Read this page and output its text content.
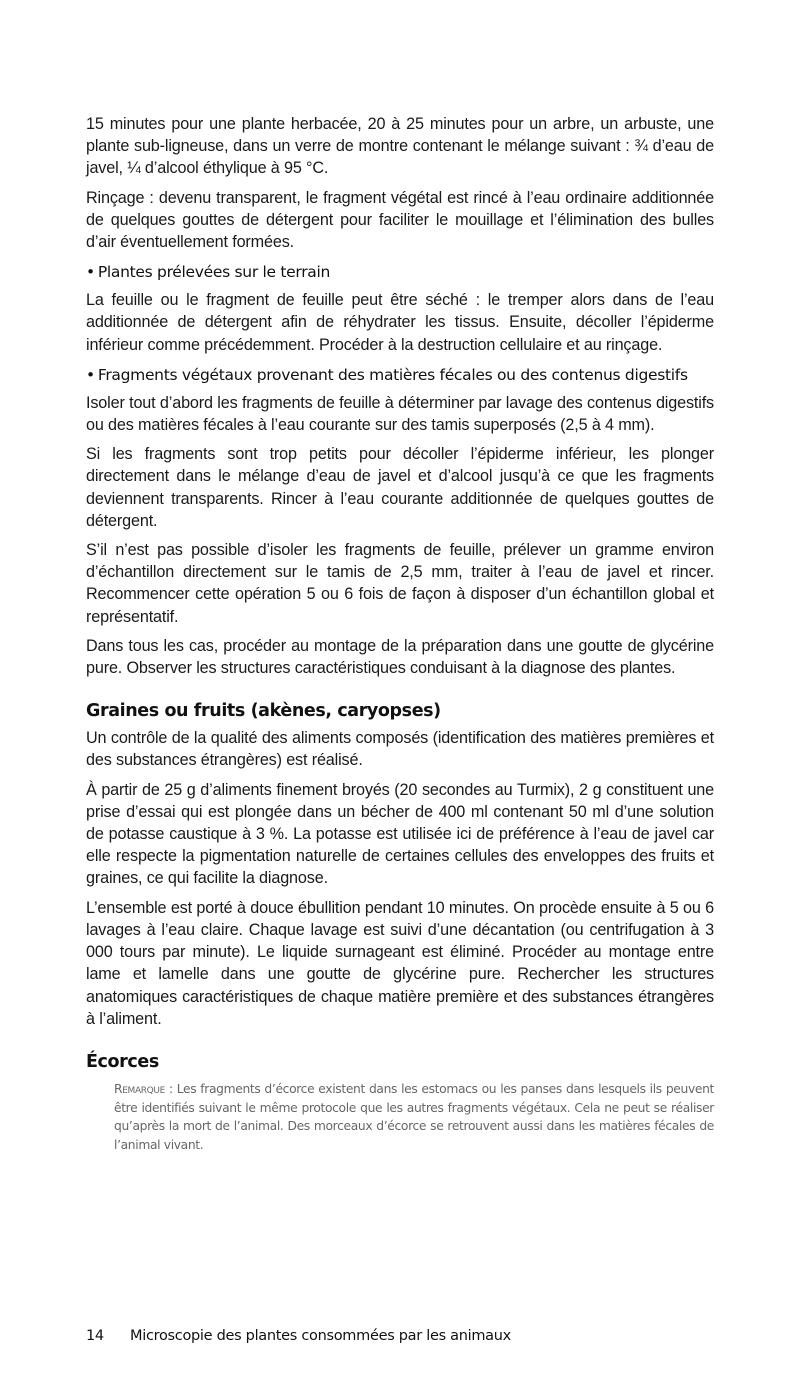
15 minutes pour une plante herbacée, 20 à 25 minutes pour un arbre, un arbuste, une plante sub-ligneuse, dans un verre de montre contenant le mélange suivant : ¾ d’eau de javel, ¼ d’alcool éthylique à 95 °C.

Rinçage : devenu transparent, le fragment végétal est rincé à l’eau ordinaire additionnée de quelques gouttes de détergent pour faciliter le mouillage et l’élimination des bulles d’air éventuellement formées.

• Plantes prélevées sur le terrain

La feuille ou le fragment de feuille peut être séché : le tremper alors dans de l’eau additionnée de détergent afin de réhydrater les tissus. Ensuite, décoller l’épiderme inférieur comme précédemment. Procéder à la destruction cellulaire et au rinçage.

• Fragments végétaux provenant des matières fécales ou des contenus digestifs

Isoler tout d’abord les fragments de feuille à déterminer par lavage des contenus digestifs ou des matières fécales à l’eau courante sur des tamis superposés (2,5 à 4 mm).

Si les fragments sont trop petits pour décoller l’épiderme inférieur, les plonger directement dans le mélange d’eau de javel et d’alcool jusqu’à ce que les fragments deviennent transparents. Rincer à l’eau courante additionnée de quelques gouttes de détergent.

S’il n’est pas possible d’isoler les fragments de feuille, prélever un gramme environ d’échantillon directement sur le tamis de 2,5 mm, traiter à l’eau de javel et rincer. Recommencer cette opération 5 ou 6 fois de façon à disposer d’un échantillon global et représentatif.

Dans tous les cas, procéder au montage de la préparation dans une goutte de glycérine pure. Observer les structures caractéristiques conduisant à la diagnose des plantes.

Graines ou fruits (akènes, caryopses)

Un contrôle de la qualité des aliments composés (identification des matières premières et des substances étrangères) est réalisé.

À partir de 25 g d’aliments finement broyés (20 secondes au Turmix), 2 g constituent une prise d’essai qui est plongée dans un bécher de 400 ml contenant 50 ml d’une solution de potasse caustique à 3 %. La potasse est utilisée ici de préférence à l’eau de javel car elle respecte la pigmentation naturelle de certaines cellules des enveloppes des fruits et graines, ce qui facilite la diagnose.

L’ensemble est porté à douce ébullition pendant 10 minutes. On procède ensuite à 5 ou 6 lavages à l’eau claire. Chaque lavage est suivi d’une décantation (ou centrifugation à 3 000 tours par minute). Le liquide surnageant est éliminé. Procéder au montage entre lame et lamelle dans une goutte de glycérine pure. Rechercher les structures anatomiques caractéristiques de chaque matière première et des substances étrangères à l’aliment.

Écorces

Remarque : Les fragments d’écorce existent dans les estomacs ou les panses dans lesquels ils peuvent être identifiés suivant le même protocole que les autres fragments végétaux. Cela ne peut se réaliser qu’après la mort de l’animal. Des morceaux d’écorce se retrouvent aussi dans les matières fécales de l’animal vivant.

14 Microscopie des plantes consommées par les animaux
